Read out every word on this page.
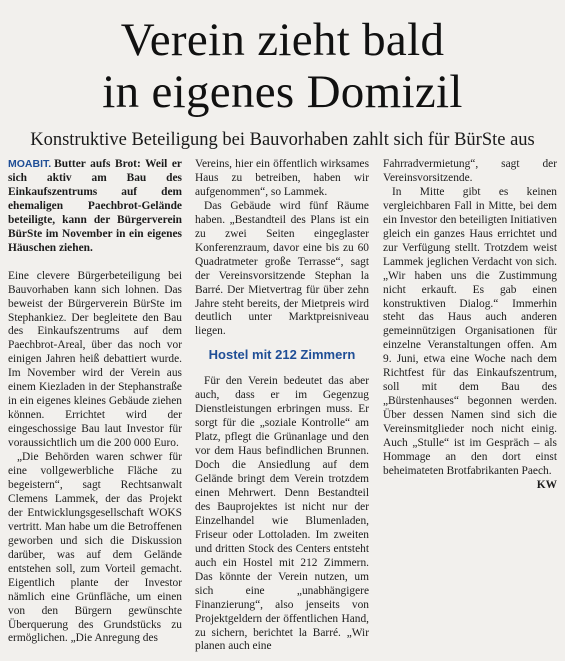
Verein zieht bald
in eigenes Domizil
Konstruktive Beteiligung bei Bauvorhaben zahlt sich für BürSte aus

MOABIT. Butter aufs Brot: Weil er sich aktiv am Bau des Einkaufszentrums auf dem ehemaligen Paechbrot-Gelände beteiligte, kann der Bürgerverein BürSte im November in ein eigenes Häuschen ziehen.

Eine clevere Bürgerbeteiligung bei Bauvorhaben kann sich lohnen. Das beweist der Bürgerverein BürSte im Stephankiez. Der begleitete den Bau des Einkaufszentrums auf dem Paechbrot-Areal, über das noch vor einigen Jahren heiß debattiert wurde. Im November wird der Verein aus einem Kiezladen in der Stephanstraße in ein eigenes kleines Gebäude ziehen können. Errichtet wird der eingeschossige Bau laut Investor für voraussichtlich um die 200 000 Euro.

„Die Behörden waren schwer für eine vollgewerbliche Fläche zu begeistern“, sagt Rechtsanwalt Clemens Lammek, der das Projekt der Entwicklungsgesellschaft WOKS vertritt. Man habe um die Betroffenen geworben und sich die Diskussion darüber, was auf dem Gelände entstehen soll, zum Vorteil gemacht. Eigentlich plante der Investor nämlich eine Grünfläche, um einen von den Bürgern gewünschte Überquerung des Grundstücks zu ermöglichen. „Die Anregung des

Vereins, hier ein öffentlich wirksames Haus zu betreiben, haben wir aufgenommen“, so Lammek.

Das Gebäude wird fünf Räume haben. „Bestandteil des Plans ist ein zu zwei Seiten eingeglaster Konferenzraum, davor eine bis zu 60 Quadratmeter große Terrasse“, sagt der Vereinsvorsitzende Stephan la Barré. Der Mietvertrag für über zehn Jahre steht bereits, der Mietpreis wird deutlich unter Marktpreisniveau liegen.

Hostel mit 212 Zimmern

Für den Verein bedeutet das aber auch, dass er im Gegenzug Dienstleistungen erbringen muss. Er sorgt für die „soziale Kontrolle“ am Platz, pflegt die Grünanlage und den vor dem Haus befindlichen Brunnen. Doch die Ansiedlung auf dem Gelände bringt dem Verein trotzdem einen Mehrwert. Denn Bestandteil des Bauprojektes ist nicht nur der Einzelhandel wie Blumenladen, Friseur oder Lottoladen. Im zweiten und dritten Stock des Centers entsteht auch ein Hostel mit 212 Zimmern. Das könnte der Verein nutzen, um sich eine „unabhängigere Finanzierung“, also jenseits von Projektgeldern der öffentlichen Hand, zu sichern, berichtet la Barré. „Wir planen auch eine

Fahrradvermietung“, sagt der Vereinsvorsitzende.

In Mitte gibt es keinen vergleichbaren Fall in Mitte, bei dem ein Investor den beteiligten Initiativen gleich ein ganzes Haus errichtet und zur Verfügung stellt. Trotzdem weist Lammek jeglichen Verdacht von sich. „Wir haben uns die Zustimmung nicht erkauft. Es gab einen konstruktiven Dialog.“ Immerhin steht das Haus auch anderen gemeinnützigen Organisationen für einzelne Veranstaltungen offen. Am 9. Juni, etwa eine Woche nach dem Richtfest für das Einkaufszentrum, soll mit dem Bau des „Bürstenhauses“ begonnen werden. Über dessen Namen sind sich die Vereinsmitglieder noch nicht einig. Auch „Stulle“ ist im Gespräch – als Hommage an den dort einst beheimateten Brotfabrikanten Paech.
KW
